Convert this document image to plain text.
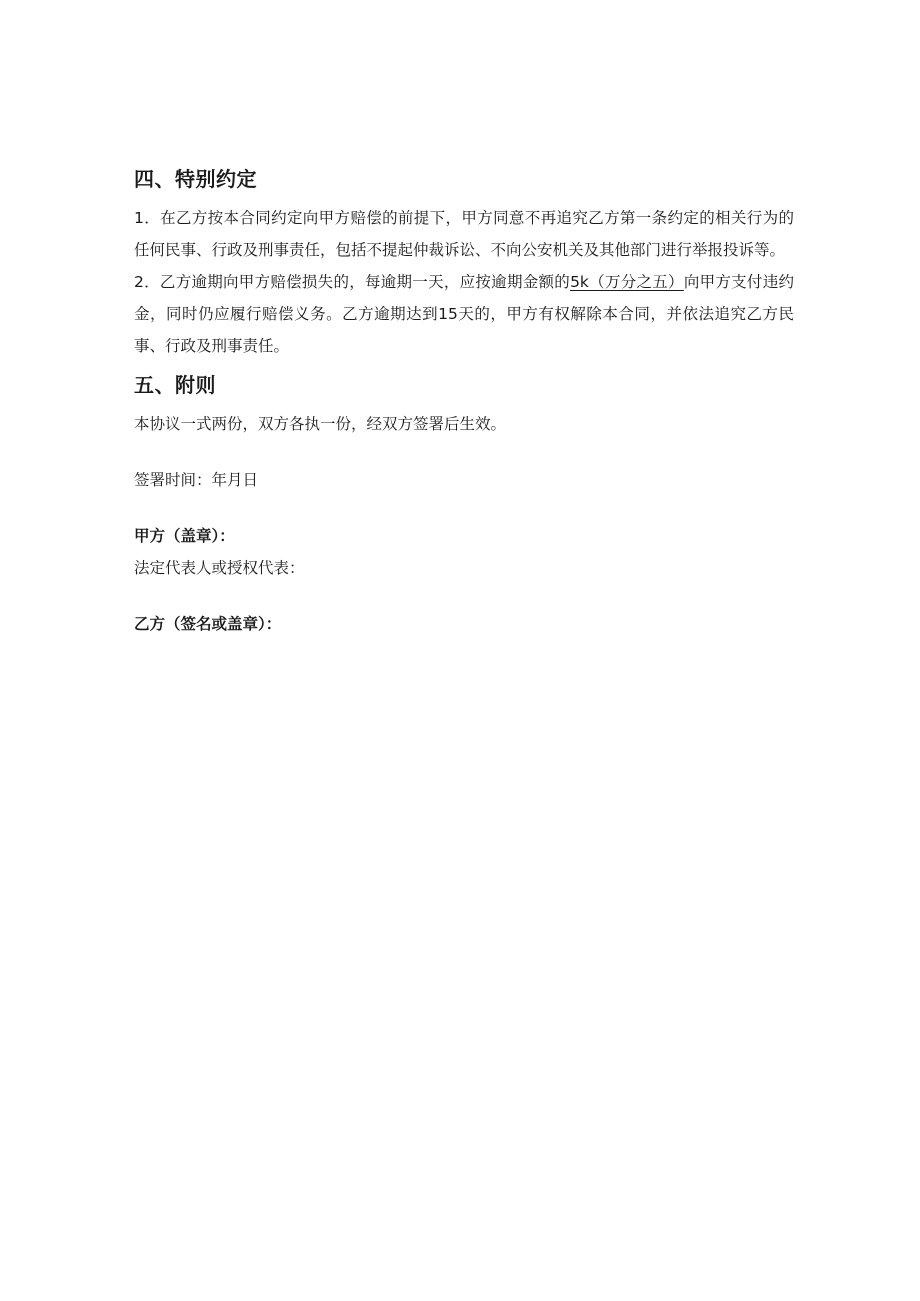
四、特别约定

1．在乙方按本合同约定向甲方赔偿的前提下，甲方同意不再追究乙方第一条约定的相关行为的任何民事、行政及刑事责任，包括不提起仲裁诉讼、不向公安机关及其他部门进行举报投诉等。

2．乙方逾期向甲方赔偿损失的，每逾期一天，应按逾期金额的5k（万分之五）向甲方支付违约金，同时仍应履行赔偿义务。乙方逾期达到15天的，甲方有权解除本合同，并依法追究乙方民事、行政及刑事责任。

五、附则

本协议一式两份，双方各执一份，经双方签署后生效。

签署时间：年月日

甲方（盖章）：

法定代表人或授权代表：

乙方（签名或盖章）：
